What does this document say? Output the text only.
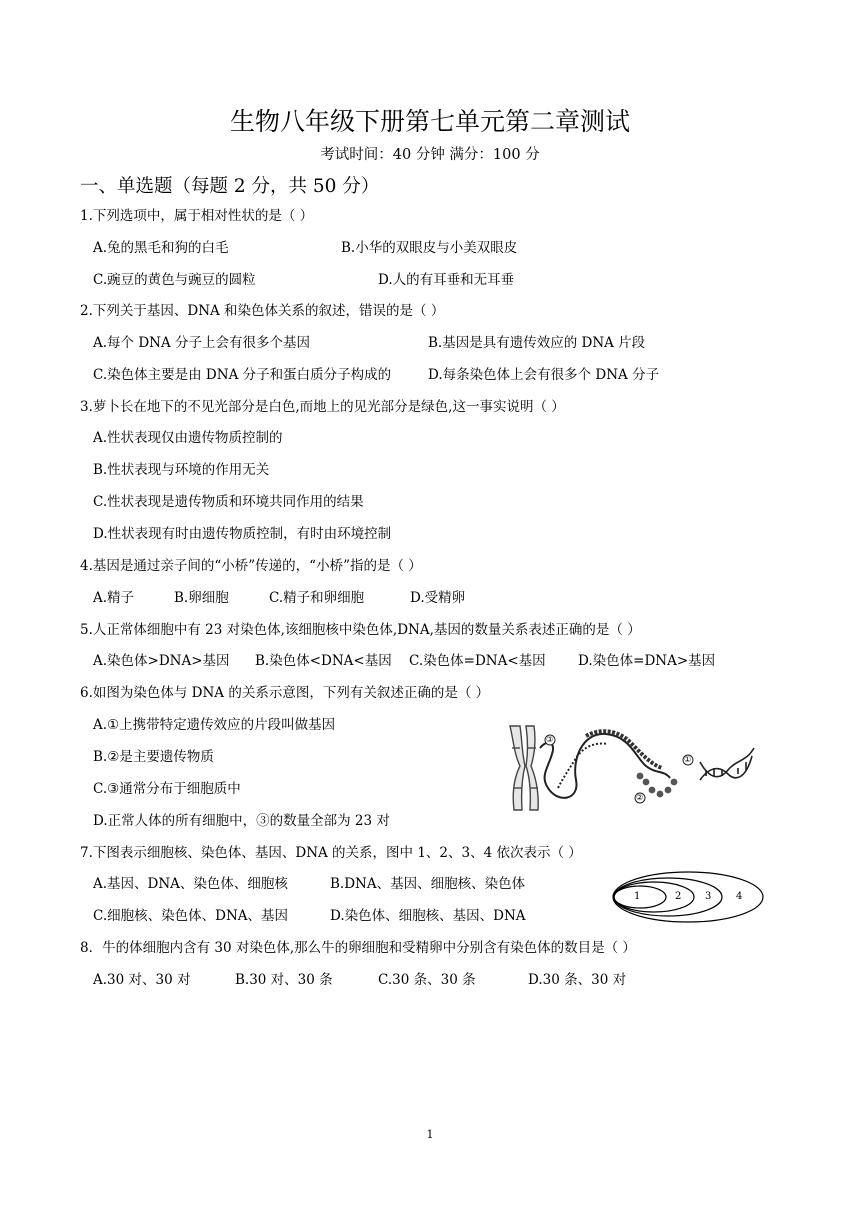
生物八年级下册第七单元第二章测试
考试时间：40 分钟 满分：100 分
一、单选题（每题 2 分，共 50 分）
1.下列选项中，属于相对性状的是（ ）
A.兔的黑毛和狗的白毛	B.小华的双眼皮与小美双眼皮
C.豌豆的黄色与豌豆的圆粒	D.人的有耳垂和无耳垂
2.下列关于基因、DNA 和染色体关系的叙述，错误的是（ ）
A.每个 DNA 分子上会有很多个基因	B.基因是具有遗传效应的 DNA 片段
C.染色体主要是由 DNA 分子和蛋白质分子构成的	D.每条染色体上会有很多个 DNA 分子
3.萝卜长在地下的不见光部分是白色,而地上的见光部分是绿色,这一事实说明（ ）
A.性状表现仅由遗传物质控制的
B.性状表现与环境的作用无关
C.性状表现是遗传物质和环境共同作用的结果
D.性状表现有时由遗传物质控制，有时由环境控制
4.基因是通过亲子间的“小桥”传递的，“小桥”指的是（ ）
A.精子	B.卵细胞	C.精子和卵细胞	D.受精卵
5.人正常体细胞中有 23 对染色体,该细胞核中染色体,DNA,基因的数量关系表述正确的是（ ）
A.染色体>DNA>基因 B.染色体<DNA<基因 C.染色体=DNA<基因 D.染色体=DNA>基因
6.如图为染色体与 DNA 的关系示意图，下列有关叙述正确的是（ ）
A.①上携带特定遗传效应的片段叫做基因
B.②是主要遗传物质
C.③通常分布于细胞质中
D.正常人体的所有细胞中，③的数量全部为 23 对
③
①
②
7.下图表示细胞核、染色体、基因、DNA 的关系，图中 1、2、3、4 依次表示（ ）
A.基因、DNA、染色体、细胞核	B.DNA、基因、细胞核、染色体
C.细胞核、染色体、DNA、基因	D.染色体、细胞核、基因、DNA
1	2 3 4
8．牛的体细胞内含有 30 对染色体,那么牛的卵细胞和受精卵中分别含有染色体的数目是（ ）
A.30 对、30 对	B.30 对、30 条	C.30 条、30 条	D.30 条、30 对
1
